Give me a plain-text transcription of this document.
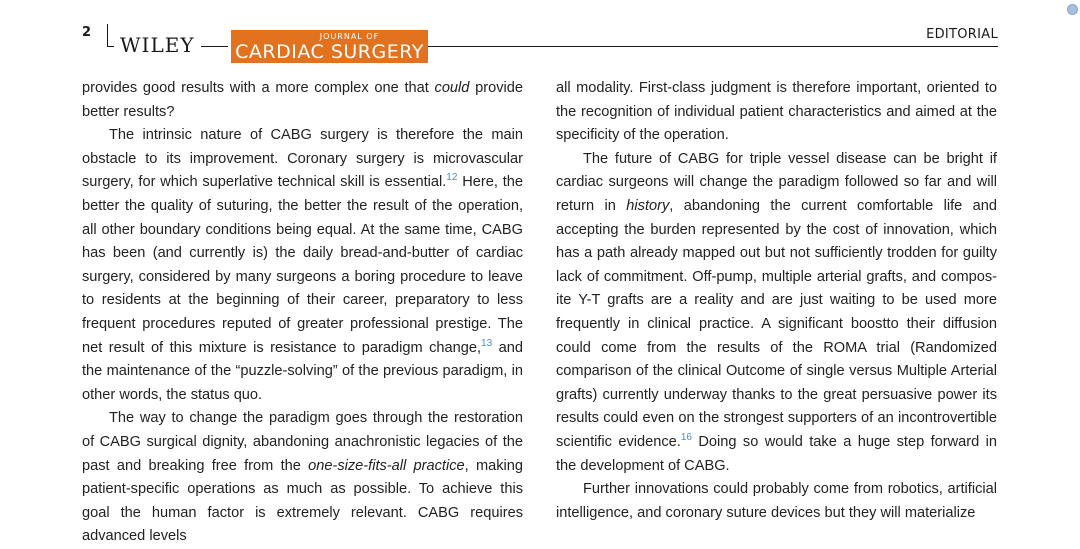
2
WILEY	JOURNAL OF
CARDIAC SURGERY
EDITORIAL

provides good results with a more complex one that could provide better results?

The intrinsic nature of CABG surgery is therefore the main obstacle to its improvement. Coronary surgery is microvascular surgery, for which superlative technical skill is essential.$^{12}$ Here, the better the quality of suturing, the better the result of the operation, all other boundary conditions being equal. At the same time, CABG has been (and currently is) the daily bread-and-butter of cardiac surgery, considered by many surgeons a boring procedure to leave to residents at the beginning of their career, preparatory to less frequent procedures reputed of greater professional prestige. The net result of this mixture is resistance to paradigm change,$^{13}$ and the maintenance of the “puzzle-solving” of the previous paradigm, in other words, the status quo.

The way to change the paradigm goes through the restoration of CABG surgical dignity, abandoning anachronistic legacies of the past and breaking free from the one-size-fits-all practice, making patient-specific operations as much as possible. To achieve this goal the human factor is extremely relevant. CABG requires advanced levels

all modality. First-class judgment is therefore important, oriented to the recognition of individual patient characteristics and aimed at the specificity of the operation.

The future of CABG for triple vessel disease can be bright if cardiac surgeons will change the paradigm followed so far and will return in history, abandoning the current comfortable life and accepting the burden represented by the cost of innovation, which has a path already mapped out but not sufficiently trodden for guilty lack of commitment. Off-pump, multiple arterial grafts, and compos-ite Y-T grafts are a reality and are just waiting to be used more frequently in clinical practice. A significant boostto their diffusion could come from the results of the ROMA trial (Randomized comparison of the clinical Outcome of single versus Multiple Arterial grafts) currently underway thanks to the great persuasive power its results could even on the strongest supporters of an incontrovertible scientific evidence.$^{16}$ Doing so would take a huge step forward in the development of CABG.

Further innovations could probably come from robotics, artificial intelligence, and coronary suture devices but they will materialize
